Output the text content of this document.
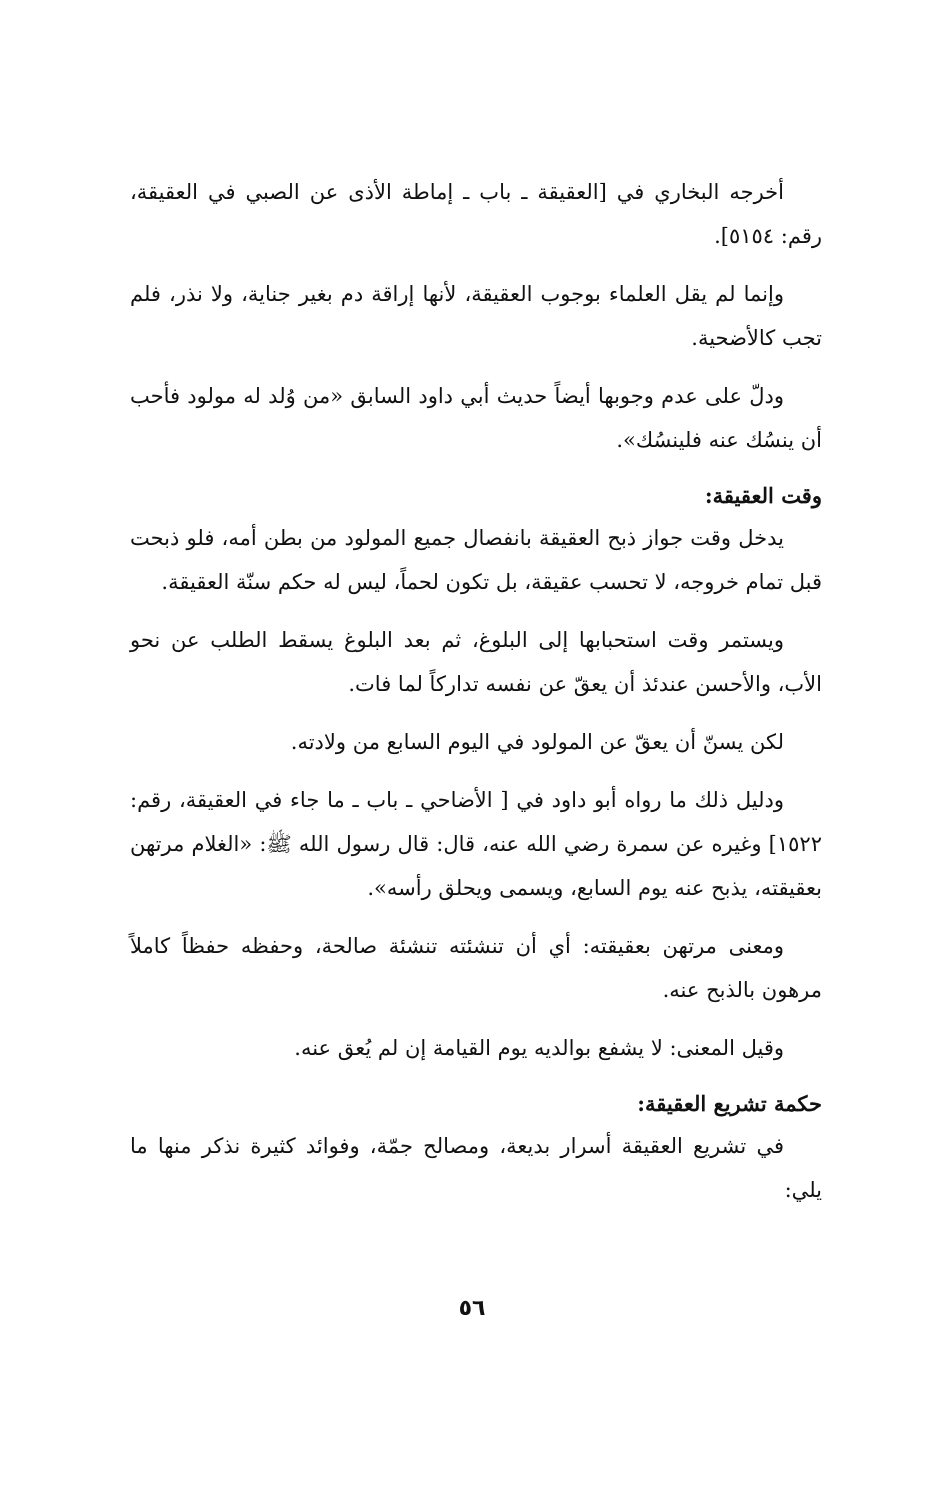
أخرجه البخاري في [العقيقة ـ باب ـ إماطة الأذى عن الصبي في العقيقة، رقم: ٥١٥٤].

وإنما لم يقل العلماء بوجوب العقيقة، لأنها إراقة دم بغير جناية، ولا نذر، فلم تجب كالأضحية.

ودلّ على عدم وجوبها أيضاً حديث أبي داود السابق «من وُلد له مولود فأحب أن ينسُك عنه فلينسُك».

وقت العقيقة:

يدخل وقت جواز ذبح العقيقة بانفصال جميع المولود من بطن أمه، فلو ذبحت قبل تمام خروجه، لا تحسب عقيقة، بل تكون لحماً، ليس له حكم سنّة العقيقة.

ويستمر وقت استحبابها إلى البلوغ، ثم بعد البلوغ يسقط الطلب عن نحو الأب، والأحسن عندئذ أن يعقّ عن نفسه تداركاً لما فات.

لكن يسنّ أن يعقّ عن المولود في اليوم السابع من ولادته.

ودليل ذلك ما رواه أبو داود في [ الأضاحي ـ باب ـ ما جاء في العقيقة، رقم: ١٥٢٢] وغيره عن سمرة رضي الله عنه، قال: قال رسول الله ﷺ: «الغلام مرتهن بعقيقته، يذبح عنه يوم السابع، ويسمى ويحلق رأسه».

ومعنى مرتهن بعقيقته: أي أن تنشئته تنشئة صالحة، وحفظه حفظاً كاملاً مرهون بالذبح عنه.

وقيل المعنى: لا يشفع بوالديه يوم القيامة إن لم يُعق عنه.

حكمة تشريع العقيقة:

في تشريع العقيقة أسرار بديعة، ومصالح جمّة، وفوائد كثيرة نذكر منها ما يلي:

٥٦
